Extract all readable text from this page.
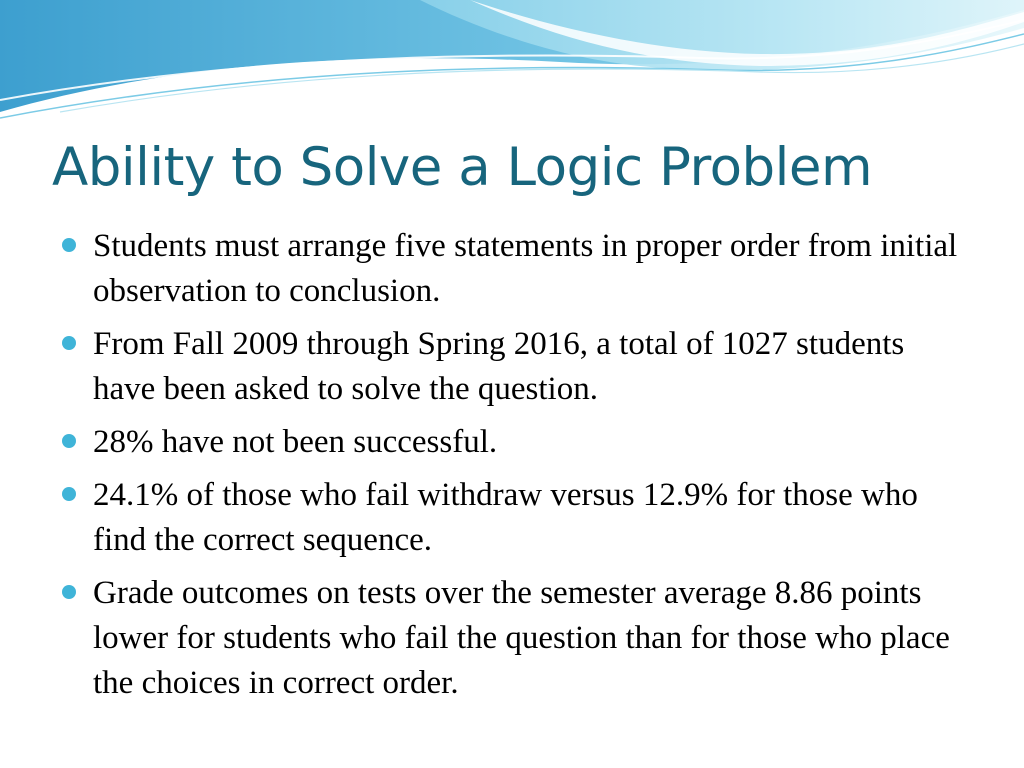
Ability to Solve a Logic Problem
Students must arrange five statements in proper order from initial observation to conclusion.
From Fall 2009 through Spring 2016, a total of 1027 students have been asked to solve the question.
28% have not been successful.
24.1% of those who fail withdraw versus 12.9% for those who find the correct sequence.
Grade outcomes on tests over the semester average 8.86 points lower for students who fail the question than for those who place the choices in correct order.
